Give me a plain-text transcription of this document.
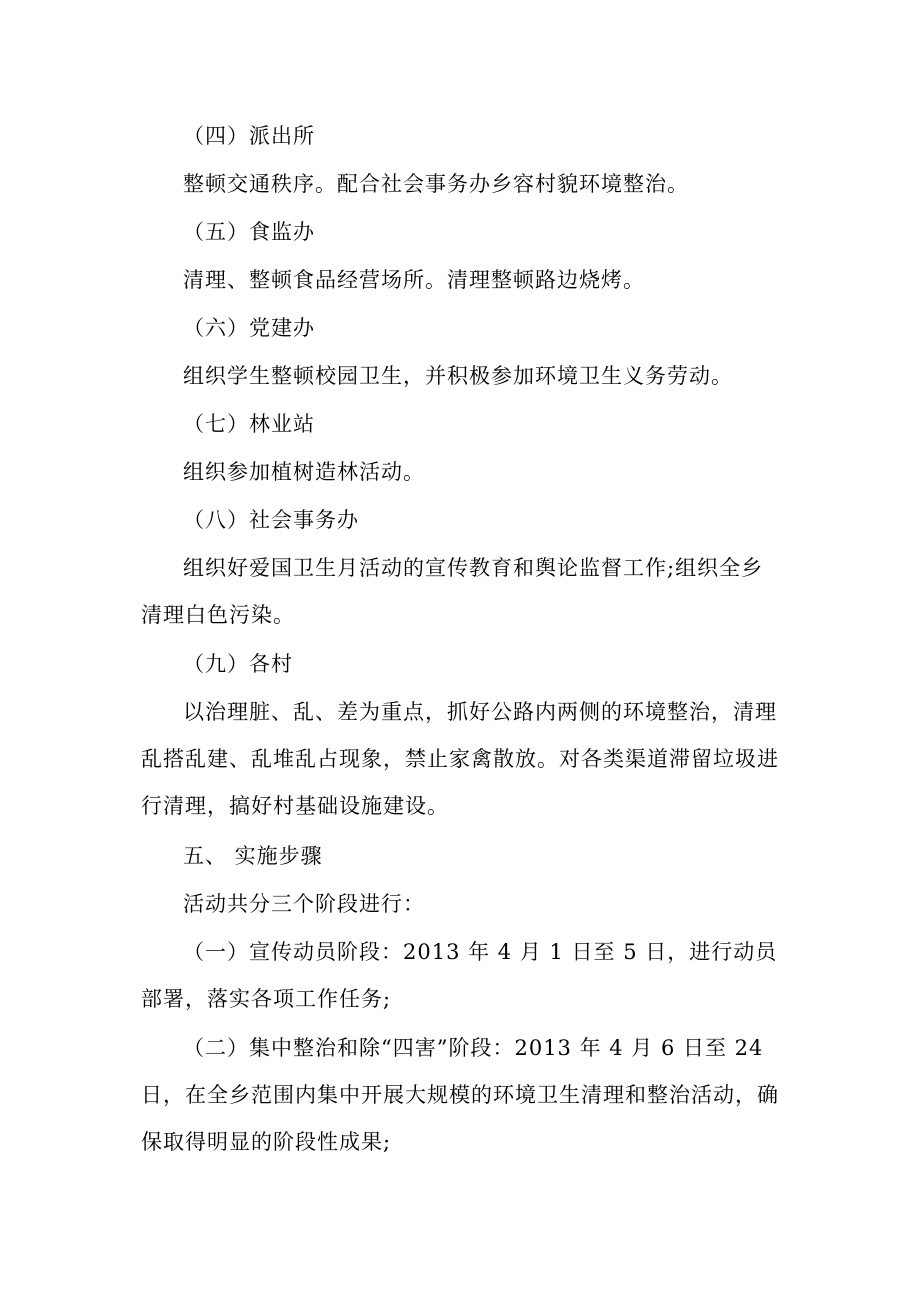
（四）派出所

整顿交通秩序。配合社会事务办乡容村貌环境整治。

（五）食监办

清理、整顿食品经营场所。清理整顿路边烧烤。

（六）党建办

组织学生整顿校园卫生，并积极参加环境卫生义务劳动。

（七）林业站

组织参加植树造林活动。

（八）社会事务办

组织好爱国卫生月活动的宣传教育和舆论监督工作;组织全乡清理白色污染。

（九）各村

以治理脏、乱、差为重点，抓好公路内两侧的环境整治，清理乱搭乱建、乱堆乱占现象，禁止家禽散放。对各类渠道滞留垃圾进行清理，搞好村基础设施建设。

五、 实施步骤

活动共分三个阶段进行：

（一）宣传动员阶段：2013 年 4 月 1 日至 5 日，进行动员部署，落实各项工作任务;

（二）集中整治和除“四害”阶段：2013 年 4 月 6 日至 24 日，在全乡范围内集中开展大规模的环境卫生清理和整治活动，确保取得明显的阶段性成果;
